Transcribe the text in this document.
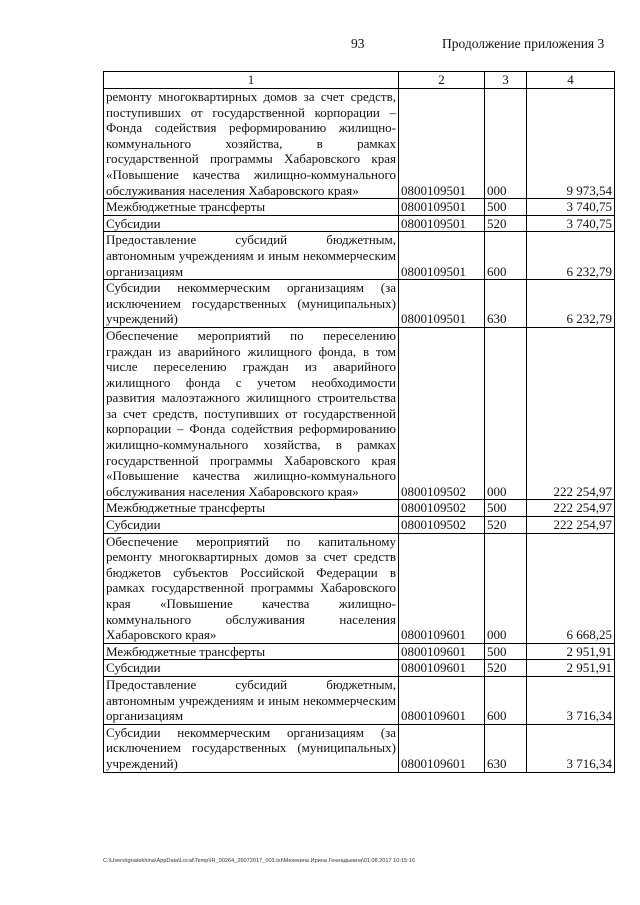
93	Продолжение приложения 3
1	2	3	4
ремонту многоквартирных домов за счет средств, поступивших от государственной корпорации – Фонда содействия реформированию жилищно-коммунального хозяйства, в рамках государственной программы Хабаровского края «Повышение качества жилищно-коммунального обслуживания населения Хабаровского края»	0800109501	000	9 973,54
Межбюджетные трансферты	0800109501	500	3 740,75
Субсидии	0800109501	520	3 740,75
Предоставление субсидий бюджетным, автономным учреждениям и иным некоммерческим организациям	0800109501	600	6 232,79
Субсидии некоммерческим организациям (за исключением государственных (муниципальных) учреждений)	0800109501	630	6 232,79
Обеспечение мероприятий по переселению граждан из аварийного жилищного фонда, в том числе переселению граждан из аварийного жилищного фонда с учетом необходимости развития малоэтажного жилищного строительства за счет средств, поступивших от государственной корпорации – Фонда содействия реформированию жилищно-коммунального хозяйства, в рамках государственной программы Хабаровского края «Повышение качества жилищно-коммунального обслуживания населения Хабаровского края»	0800109502	000	222 254,97
Межбюджетные трансферты	0800109502	500	222 254,97
Субсидии	0800109502	520	222 254,97
Обеспечение мероприятий по капитальному ремонту многоквартирных домов за счет средств бюджетов субъектов Российской Федерации в рамках государственной программы Хабаровского края «Повышение качества жилищно-коммунального обслуживания населения Хабаровского края»	0800109601	000	6 668,25
Межбюджетные трансферты	0800109601	500	2 951,91
Субсидии	0800109601	520	2 951,91
Предоставление субсидий бюджетным, автономным учреждениям и иным некоммерческим организациям	0800109601	600	3 716,34
Субсидии некоммерческим организациям (за исключением государственных (муниципальных) учреждений)	0800109601	630	3 716,34
C:\Users\ignatekhina\AppData\Local\Temp\IR_00264_26072017_003.txt\Мехекина Ирина Геннадьевна\01.08.2017 10:15:16
